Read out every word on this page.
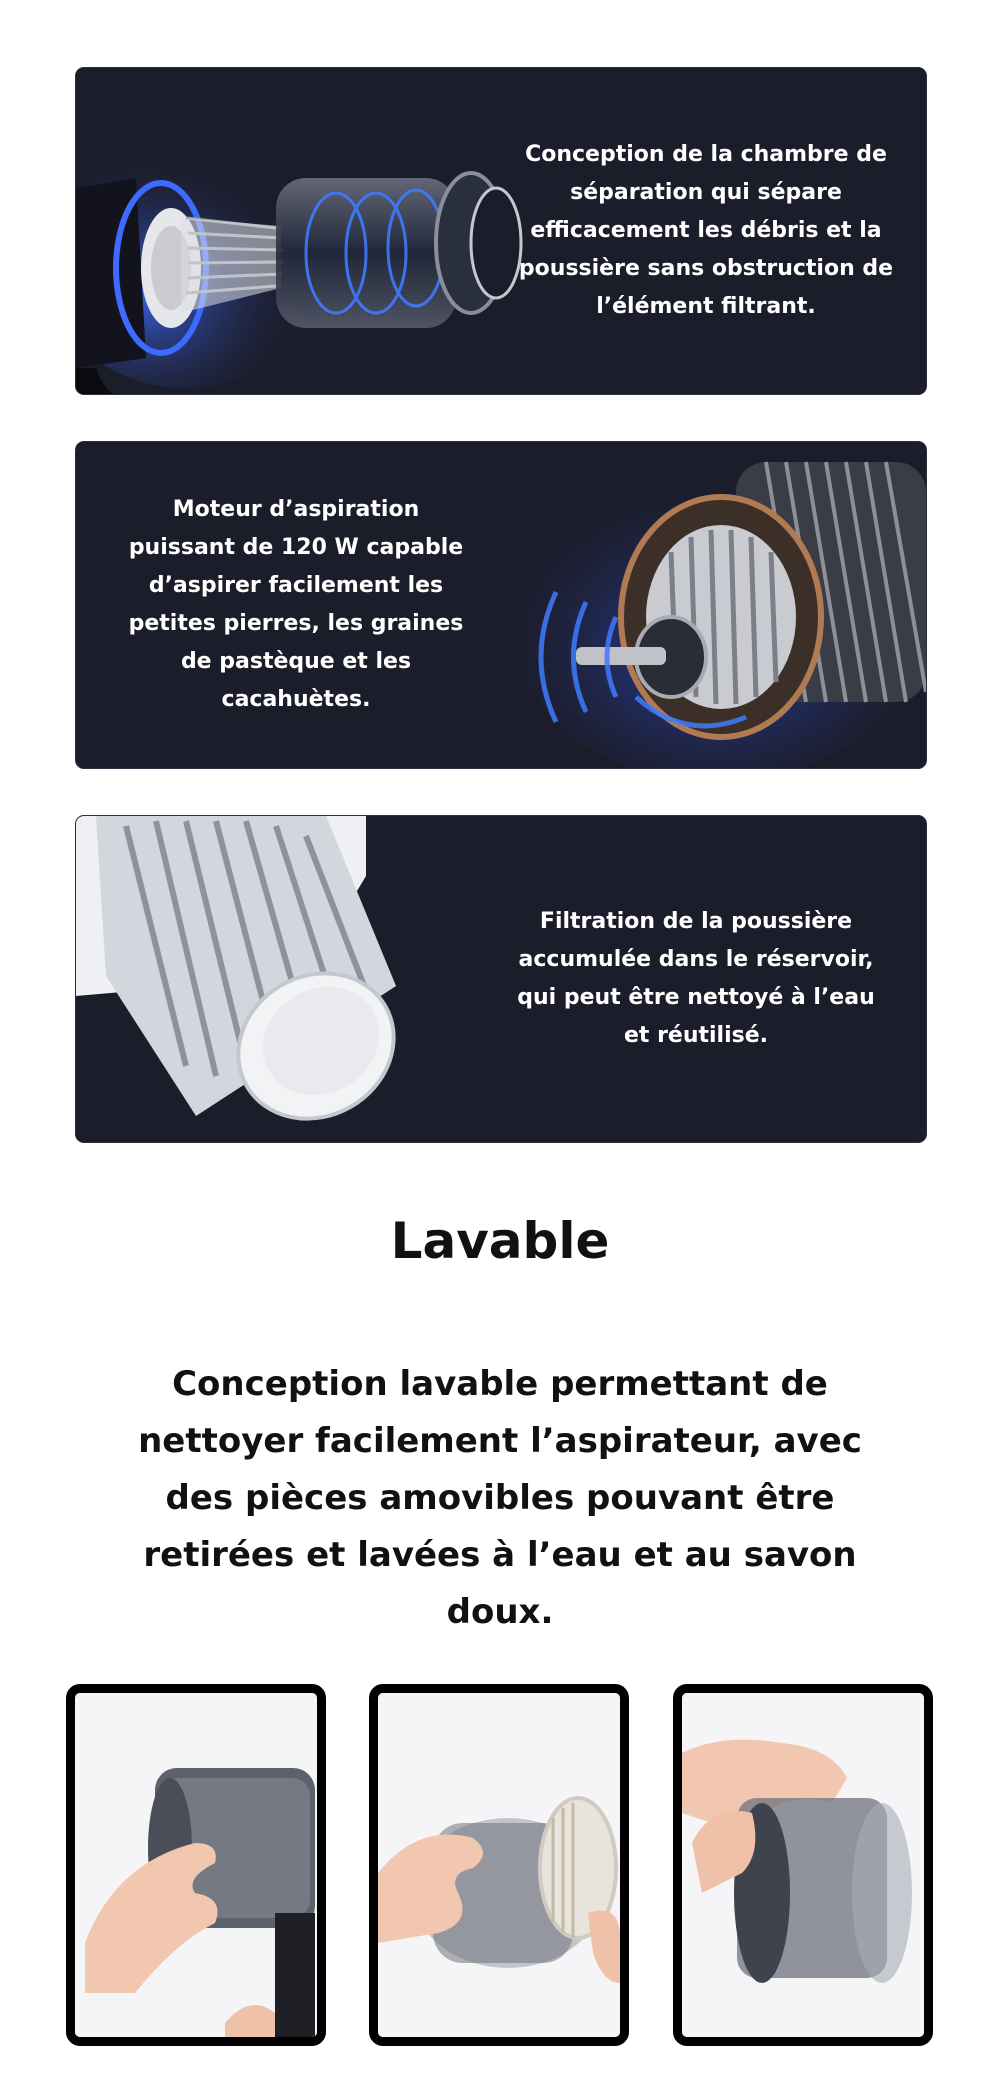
Conception de la chambre de séparation qui sépare efficacement les débris et la poussière sans obstruction de l’élément filtrant.
Moteur d’aspiration puissant de 120 W capable d’aspirer facilement les petites pierres, les graines de pastèque et les cacahuètes.
Filtration de la poussière accumulée dans le réservoir, qui peut être nettoyé à l’eau et réutilisé.
Lavable

Conception lavable permettant de nettoyer facilement l’aspirateur, avec des pièces amovibles pouvant être retirées et lavées à l’eau et au savon doux.
